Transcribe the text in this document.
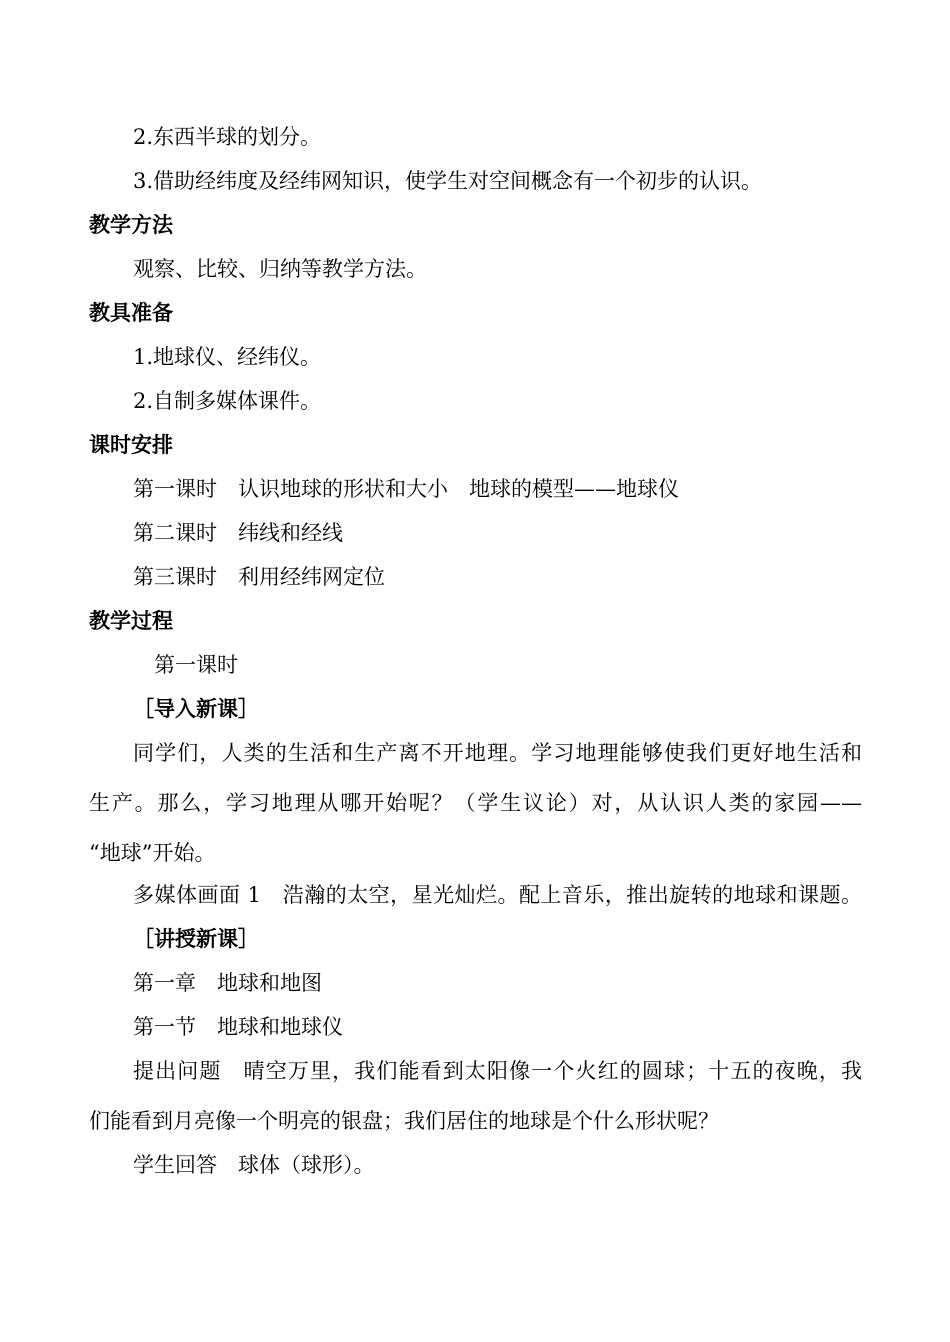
2.东西半球的划分。
3.借助经纬度及经纬网知识，使学生对空间概念有一个初步的认识。
教学方法
观察、比较、归纳等教学方法。
教具准备
1.地球仪、经纬仪。
2.自制多媒体课件。
课时安排
第一课时　认识地球的形状和大小　地球的模型——地球仪
第二课时　纬线和经线
第三课时　利用经纬网定位
教学过程
第一课时
［导入新课］
同学们，人类的生活和生产离不开地理。学习地理能够使我们更好地生活和
生产。那么，学习地理从哪开始呢？（学生议论）对，从认识人类的家园——
“地球”开始。
多媒体画面 1　浩瀚的太空，星光灿烂。配上音乐，推出旋转的地球和课题。
［讲授新课］
第一章　地球和地图
第一节　地球和地球仪
提出问题　晴空万里，我们能看到太阳像一个火红的圆球；十五的夜晚，我
们能看到月亮像一个明亮的银盘；我们居住的地球是个什么形状呢？
学生回答　球体（球形）。
